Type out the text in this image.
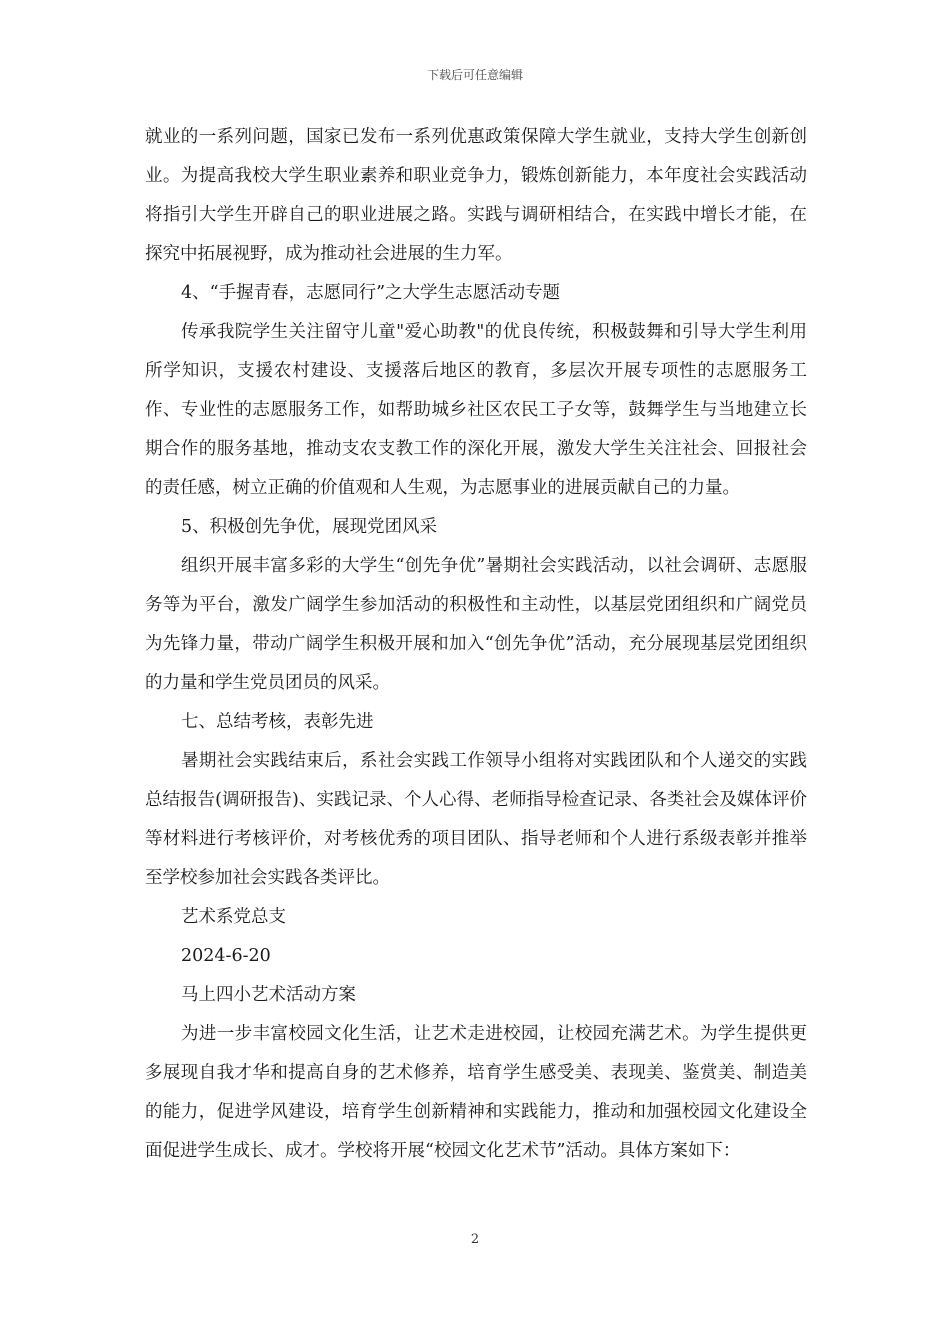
下载后可任意编辑

就业的一系列问题，国家已发布一系列优惠政策保障大学生就业，支持大学生创新创业。为提高我校大学生职业素养和职业竞争力，锻炼创新能力，本年度社会实践活动将指引大学生开辟自己的职业进展之路。实践与调研相结合，在实践中增长才能，在探究中拓展视野，成为推动社会进展的生力军。

4、“手握青春，志愿同行”之大学生志愿活动专题

传承我院学生关注留守儿童"爱心助教"的优良传统，积极鼓舞和引导大学生利用所学知识，支援农村建设、支援落后地区的教育，多层次开展专项性的志愿服务工作、专业性的志愿服务工作，如帮助城乡社区农民工子女等，鼓舞学生与当地建立长期合作的服务基地，推动支农支教工作的深化开展，激发大学生关注社会、回报社会的责任感，树立正确的价值观和人生观，为志愿事业的进展贡献自己的力量。

5、积极创先争优，展现党团风采

组织开展丰富多彩的大学生“创先争优”暑期社会实践活动，以社会调研、志愿服务等为平台，激发广阔学生参加活动的积极性和主动性，以基层党团组织和广阔党员为先锋力量，带动广阔学生积极开展和加入“创先争优”活动，充分展现基层党团组织的力量和学生党员团员的风采。

七、总结考核，表彰先进

暑期社会实践结束后，系社会实践工作领导小组将对实践团队和个人递交的实践总结报告(调研报告)、实践记录、个人心得、老师指导检查记录、各类社会及媒体评价等材料进行考核评价，对考核优秀的项目团队、指导老师和个人进行系级表彰并推举至学校参加社会实践各类评比。

艺术系党总支

2024-6-20

马上四小艺术活动方案

为进一步丰富校园文化生活，让艺术走进校园，让校园充满艺术。为学生提供更多展现自我才华和提高自身的艺术修养，培育学生感受美、表现美、鉴赏美、制造美的能力，促进学风建设，培育学生创新精神和实践能力，推动和加强校园文化建设全面促进学生成长、成才。学校将开展“校园文化艺术节”活动。具体方案如下：

2
